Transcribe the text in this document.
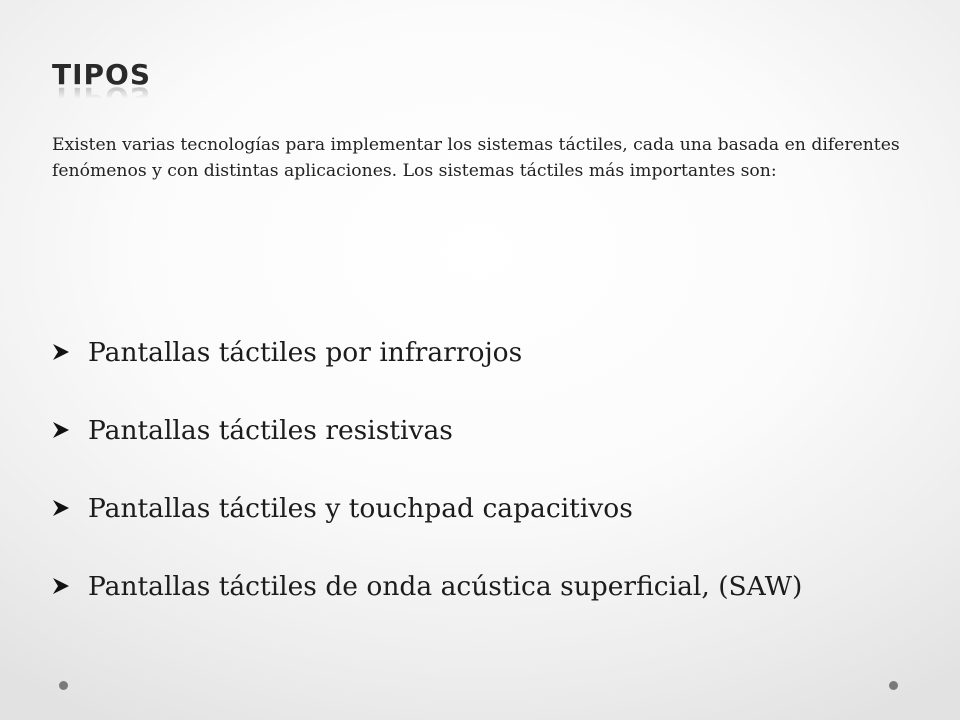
TIPOS
Existen varias tecnologías para implementar los sistemas táctiles, cada una basada en diferentes fenómenos y con distintas aplicaciones. Los sistemas táctiles más importantes son:
Pantallas táctiles por infrarrojos
Pantallas táctiles resistivas
Pantallas táctiles y touchpad capacitivos
Pantallas táctiles de onda acústica superficial, (SAW)
